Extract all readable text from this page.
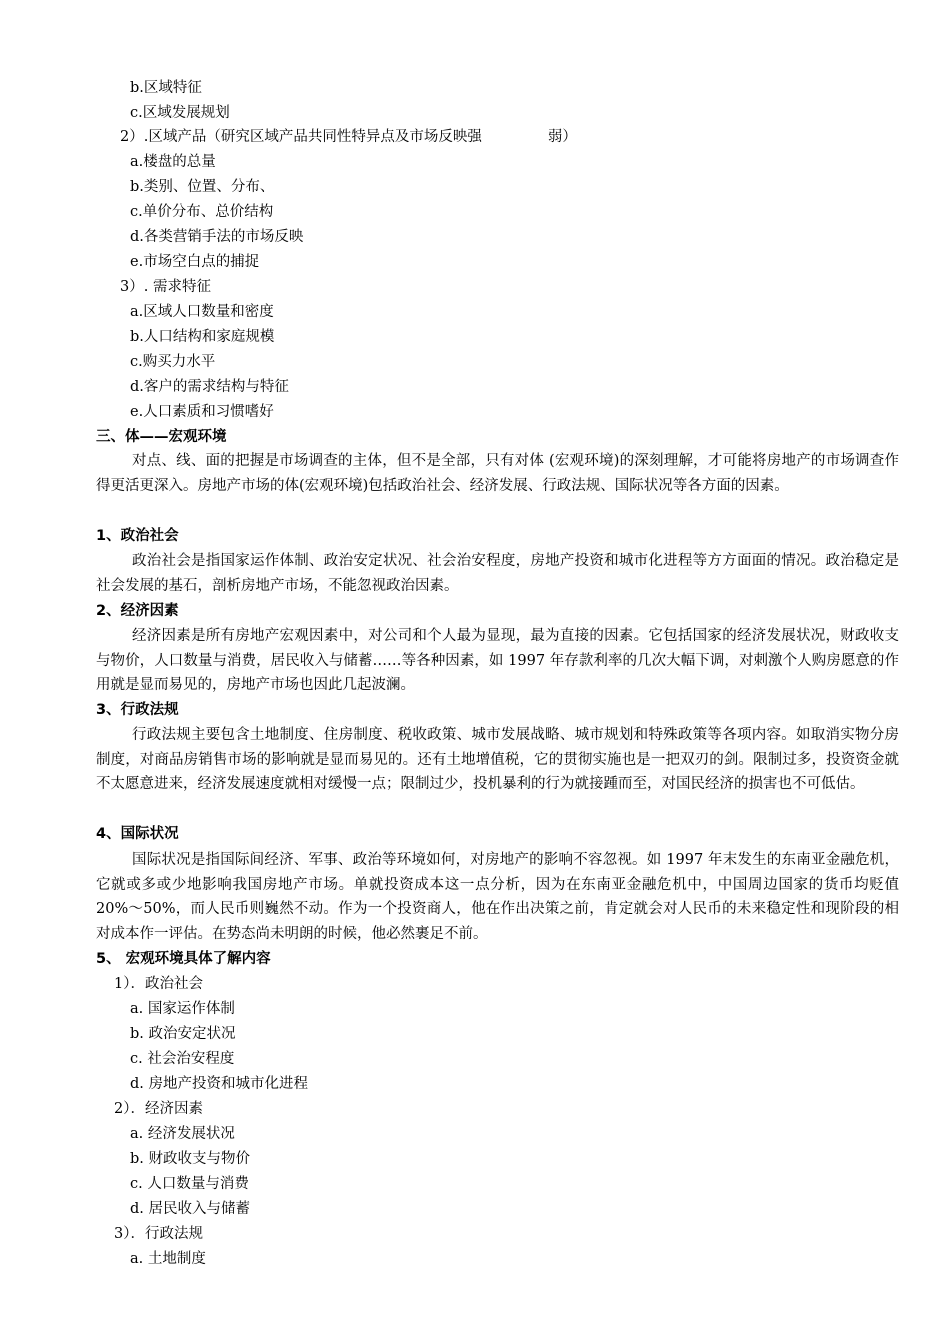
b.区域特征
c.区域发展规划
2）.区域产品（研究区域产品共同性特异点及市场反映强	弱）
a.楼盘的总量
b.类别、位置、分布、
c.单价分布、总价结构
d.各类营销手法的市场反映
e.市场空白点的捕捉
3）. 需求特征
a.区域人口数量和密度
b.人口结构和家庭规模
c.购买力水平
d.客户的需求结构与特征
e.人口素质和习惯嗜好
三、体——宏观环境
对点、线、面的把握是市场调查的主体，但不是全部，只有对体 (宏观环境)的深刻理解，才可能将房地产的市场调查作得更活更深入。房地产市场的体(宏观环境)包括政治社会、经济发展、行政法规、国际状况等各方面的因素。
1、政治社会
政治社会是指国家运作体制、政治安定状况、社会治安程度，房地产投资和城市化进程等方方面面的情况。政治稳定是社会发展的基石，剖析房地产市场，不能忽视政治因素。
2、经济因素
经济因素是所有房地产宏观因素中，对公司和个人最为显现，最为直接的因素。它包括国家的经济发展状况，财政收支与物价，人口数量与消费，居民收入与储蓄……等各种因素，如 1997 年存款利率的几次大幅下调，对刺激个人购房愿意的作用就是显而易见的，房地产市场也因此几起波澜。
3、行政法规
行政法规主要包含土地制度、住房制度、税收政策、城市发展战略、城市规划和特殊政策等各项内容。如取消实物分房制度，对商品房销售市场的影响就是显而易见的。还有土地增值税，它的贯彻实施也是一把双刃的剑。限制过多，投资资金就不太愿意进来，经济发展速度就相对缓慢一点；限制过少，投机暴利的行为就接踵而至，对国民经济的损害也不可低估。
4、国际状况
国际状况是指国际间经济、军事、政治等环境如何，对房地产的影响不容忽视。如 1997 年末发生的东南亚金融危机，它就或多或少地影响我国房地产市场。单就投资成本这一点分析，因为在东南亚金融危机中，中国周边国家的货币均贬值 20%～50%，而人民币则巍然不动。作为一个投资商人，他在作出决策之前，肯定就会对人民币的未来稳定性和现阶段的相对成本作一评估。在势态尚未明朗的时候，他必然裹足不前。
5、 宏观环境具体了解内容
1）．政治社会
a. 国家运作体制
b. 政治安定状况
c. 社会治安程度
d. 房地产投资和城市化进程
2）．经济因素
a. 经济发展状况
b. 财政收支与物价
c. 人口数量与消费
d. 居民收入与储蓄
3）．行政法规
a. 土地制度
